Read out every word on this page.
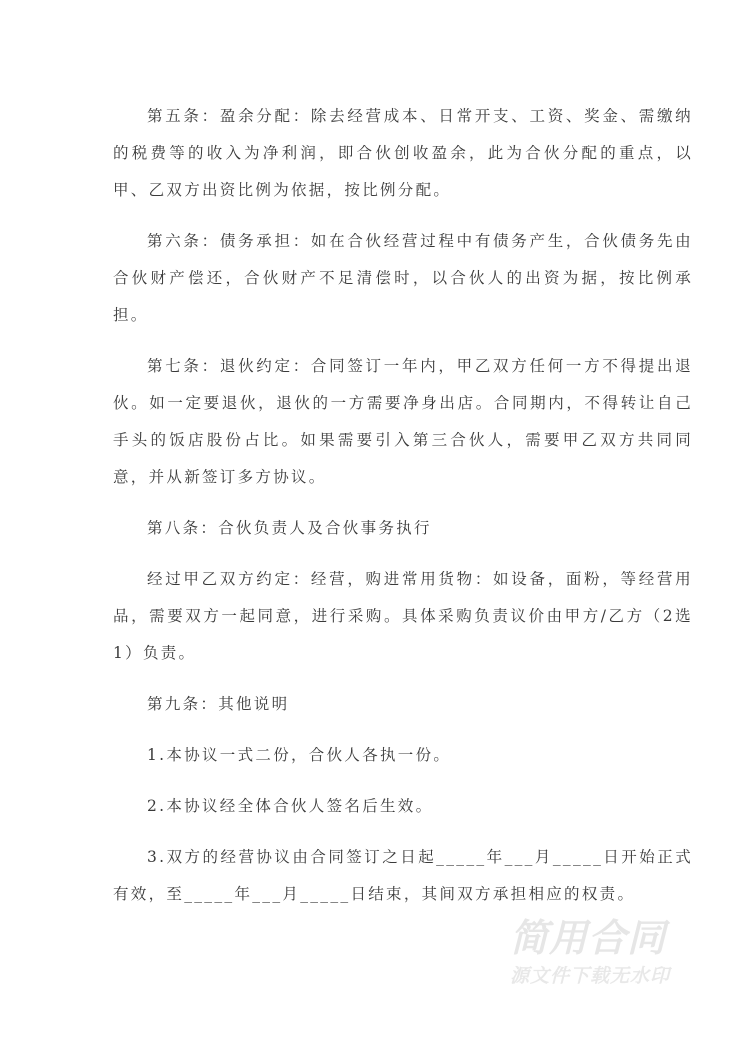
第五条：盈余分配：除去经营成本、日常开支、工资、奖金、需缴纳的税费等的收入为净利润，即合伙创收盈余，此为合伙分配的重点，以甲、乙双方出资比例为依据，按比例分配。

第六条：债务承担：如在合伙经营过程中有债务产生，合伙债务先由合伙财产偿还，合伙财产不足清偿时，以合伙人的出资为据，按比例承担。

第七条：退伙约定：合同签订一年内，甲乙双方任何一方不得提出退伙。如一定要退伙，退伙的一方需要净身出店。合同期内，不得转让自己手头的饭店股份占比。如果需要引入第三合伙人，需要甲乙双方共同同意，并从新签订多方协议。

第八条：合伙负责人及合伙事务执行

经过甲乙双方约定：经营，购进常用货物：如设备，面粉，等经营用品，需要双方一起同意，进行采购。具体采购负责议价由甲方/乙方（2选1）负责。

第九条：其他说明

1.本协议一式二份，合伙人各执一份。

2.本协议经全体合伙人签名后生效。

3.双方的经营协议由合同签订之日起_____年___月_____日开始正式有效，至_____年___月_____日结束，其间双方承担相应的权责。

简用合同
源文件下载无水印
